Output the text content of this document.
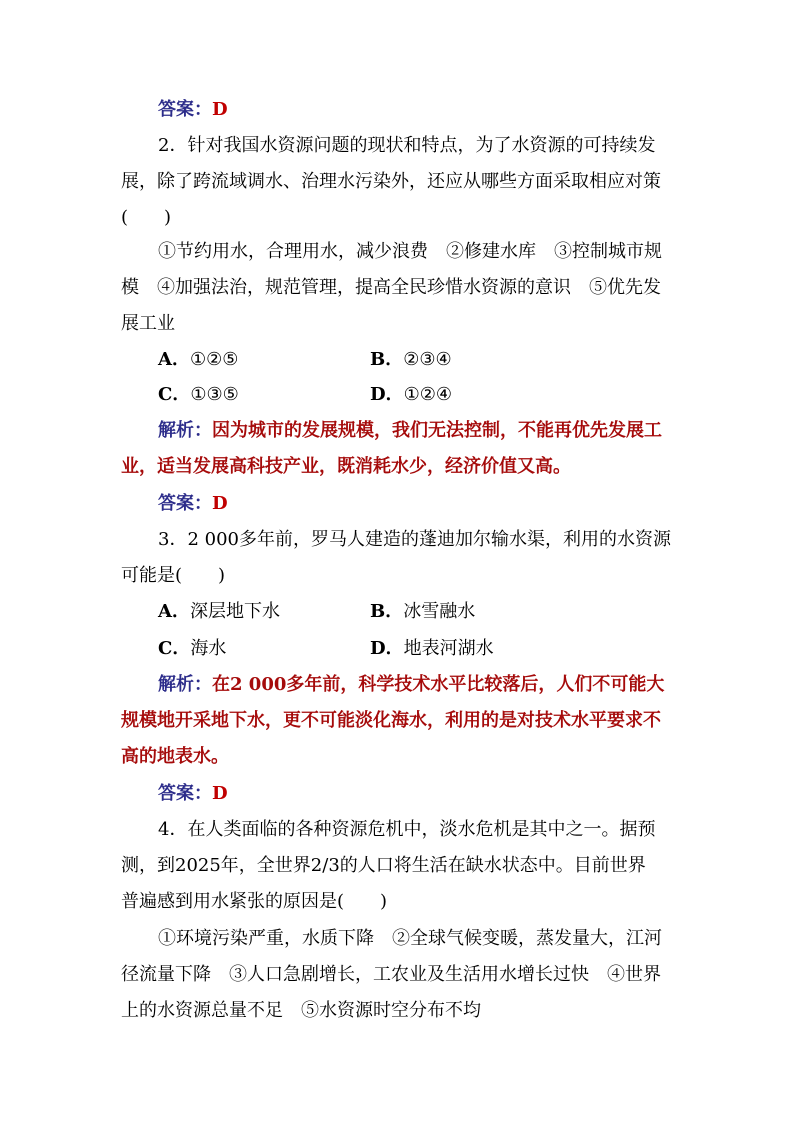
答案：D
2．针对我国水资源问题的现状和特点，为了水资源的可持续发
展，除了跨流域调水、治理水污染外，还应从哪些方面采取相应对策
(　　)
①节约用水，合理用水，减少浪费　②修建水库　③控制城市规
模　④加强法治，规范管理，提高全民珍惜水资源的意识　⑤优先发
展工业
A．①②⑤	B．②③④
C．①③⑤	D．①②④
解析：因为城市的发展规模，我们无法控制，不能再优先发展工
业，适当发展高科技产业，既消耗水少，经济价值又高。
答案：D
3．2 000多年前，罗马人建造的蓬迪加尔输水渠，利用的水资源
可能是(　　)
A．深层地下水	B．冰雪融水
C．海水	D．地表河湖水
解析：在2 000多年前，科学技术水平比较落后，人们不可能大
规模地开采地下水，更不可能淡化海水，利用的是对技术水平要求不
高的地表水。
答案：D
4．在人类面临的各种资源危机中，淡水危机是其中之一。据预
测，到2025年，全世界2/3的人口将生活在缺水状态中。目前世界
普遍感到用水紧张的原因是(　　)
①环境污染严重，水质下降　②全球气候变暖，蒸发量大，江河
径流量下降　③人口急剧增长，工农业及生活用水增长过快　④世界
上的水资源总量不足　⑤水资源时空分布不均
